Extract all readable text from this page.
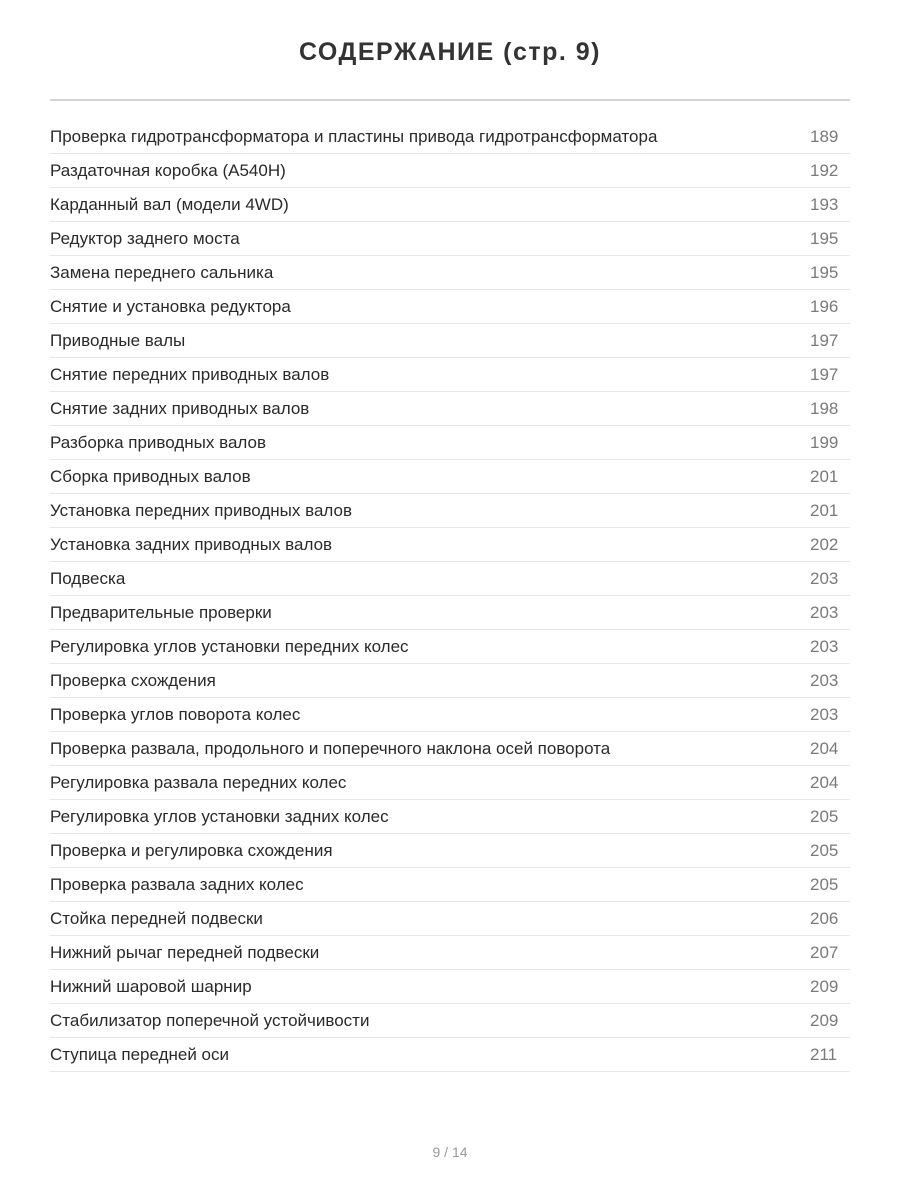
СОДЕРЖАНИЕ (стр. 9)
Проверка гидротрансформатора и пластины привода гидротрансформатора	189
Раздаточная коробка (A540H)	192
Карданный вал (модели 4WD)	193
Редуктор заднего моста	195
Замена переднего сальника	195
Снятие и установка редуктора	196
Приводные валы	197
Снятие передних приводных валов	197
Снятие задних приводных валов	198
Разборка приводных валов	199
Сборка приводных валов	201
Установка передних приводных валов	201
Установка задних приводных валов	202
Подвеска	203
Предварительные проверки	203
Регулировка углов установки передних колес	203
Проверка схождения	203
Проверка углов поворота колес	203
Проверка развала, продольного и поперечного наклона осей поворота	204
Регулировка развала передних колес	204
Регулировка углов установки задних колес	205
Проверка и регулировка схождения	205
Проверка развала задних колес	205
Стойка передней подвески	206
Нижний рычаг передней подвески	207
Нижний шаровой шарнир	209
Стабилизатор поперечной устойчивости	209
Ступица передней оси	211
9 / 14
